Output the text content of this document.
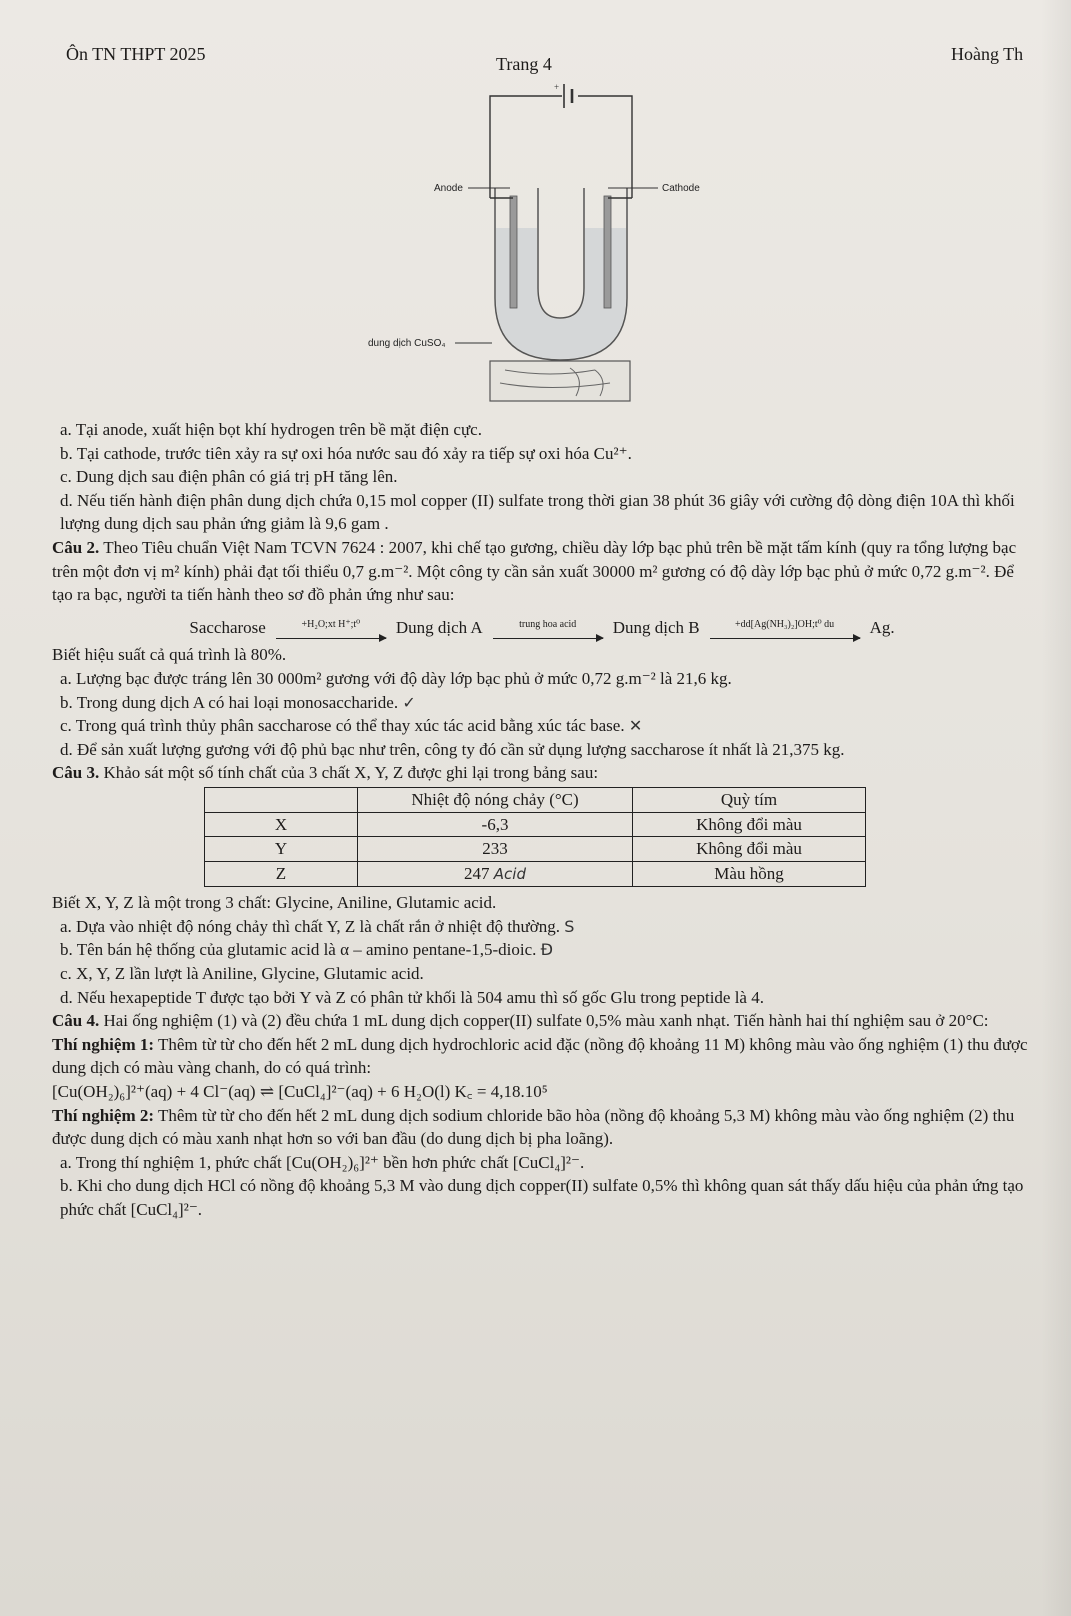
Ôn TN THPT 2025	Trang 4	Hoàng Th
+
Anode	Cathode
dung dịch CuSO₄

a. Tại anode, xuất hiện bọt khí hydrogen trên bề mặt điện cực.

b. Tại cathode, trước tiên xảy ra sự oxi hóa nước sau đó xảy ra tiếp sự oxi hóa Cu²⁺.

c. Dung dịch sau điện phân có giá trị pH tăng lên.

d. Nếu tiến hành điện phân dung dịch chứa 0,15 mol copper (II) sulfate trong thời gian 38 phút 36 giây với cường độ dòng điện 10A thì khối lượng dung dịch sau phản ứng giảm là 9,6 gam .

Câu 2. Theo Tiêu chuẩn Việt Nam TCVN 7624 : 2007, khi chế tạo gương, chiều dày lớp bạc phủ trên bề mặt tấm kính (quy ra tổng lượng bạc trên một đơn vị m² kính) phải đạt tối thiểu 0,7 g.m⁻². Một công ty cần sản xuất 30000 m² gương có độ dày lớp bạc phủ ở mức 0,72 g.m⁻². Để tạo ra bạc, người ta tiến hành theo sơ đồ phản ứng như sau:

Saccharose	+H₂O;xt H⁺;t⁰ Dung dịch A	trung hoa acid Dung dịch B	+dd[Ag(NH₃)₂]OH;t⁰ du Ag.

Biết hiệu suất cả quá trình là 80%.

a. Lượng bạc được tráng lên 30 000m² gương với độ dày lớp bạc phủ ở mức 0,72 g.m⁻² là 21,6 kg.

b. Trong dung dịch A có hai loại monosaccharide. ✓

c. Trong quá trình thủy phân saccharose có thể thay xúc tác acid bằng xúc tác base. ✕

d. Để sản xuất lượng gương với độ phủ bạc như trên, công ty đó cần sử dụng lượng saccharose ít nhất là 21,375 kg.

Câu 3. Khảo sát một số tính chất của 3 chất X, Y, Z được ghi lại trong bảng sau:

	Nhiệt độ nóng chảy (°C)	Quỳ tím
X	-6,3	Không đổi màu
Y	233	Không đổi màu
Z	247 Acid	Màu hồng

Biết X, Y, Z là một trong 3 chất: Glycine, Aniline, Glutamic acid.

a. Dựa vào nhiệt độ nóng chảy thì chất Y, Z là chất rắn ở nhiệt độ thường. S

b. Tên bán hệ thống của glutamic acid là α – amino pentane-1,5-dioic. Đ

c. X, Y, Z lần lượt là Aniline, Glycine, Glutamic acid.

d. Nếu hexapeptide T được tạo bởi Y và Z có phân tử khối là 504 amu thì số gốc Glu trong peptide là 4.

Câu 4. Hai ống nghiệm (1) và (2) đều chứa 1 mL dung dịch copper(II) sulfate 0,5% màu xanh nhạt. Tiến hành hai thí nghiệm sau ở 20°C:

Thí nghiệm 1: Thêm từ từ cho đến hết 2 mL dung dịch hydrochloric acid đặc (nồng độ khoảng 11 M) không màu vào ống nghiệm (1) thu được dung dịch có màu vàng chanh, do có quá trình:

[Cu(OH₂)₆]²⁺(aq) + 4 Cl⁻(aq) ⇌ [CuCl₄]²⁻(aq) + 6 H₂O(l) K꜀ = 4,18.10⁵

Thí nghiệm 2: Thêm từ từ cho đến hết 2 mL dung dịch sodium chloride bão hòa (nồng độ khoảng 5,3 M) không màu vào ống nghiệm (2) thu được dung dịch có màu xanh nhạt hơn so với ban đầu (do dung dịch bị pha loãng).

a. Trong thí nghiệm 1, phức chất [Cu(OH₂)₆]²⁺ bền hơn phức chất [CuCl₄]²⁻.

b. Khi cho dung dịch HCl có nồng độ khoảng 5,3 M vào dung dịch copper(II) sulfate 0,5% thì không quan sát thấy dấu hiệu của phản ứng tạo phức chất [CuCl₄]²⁻.
